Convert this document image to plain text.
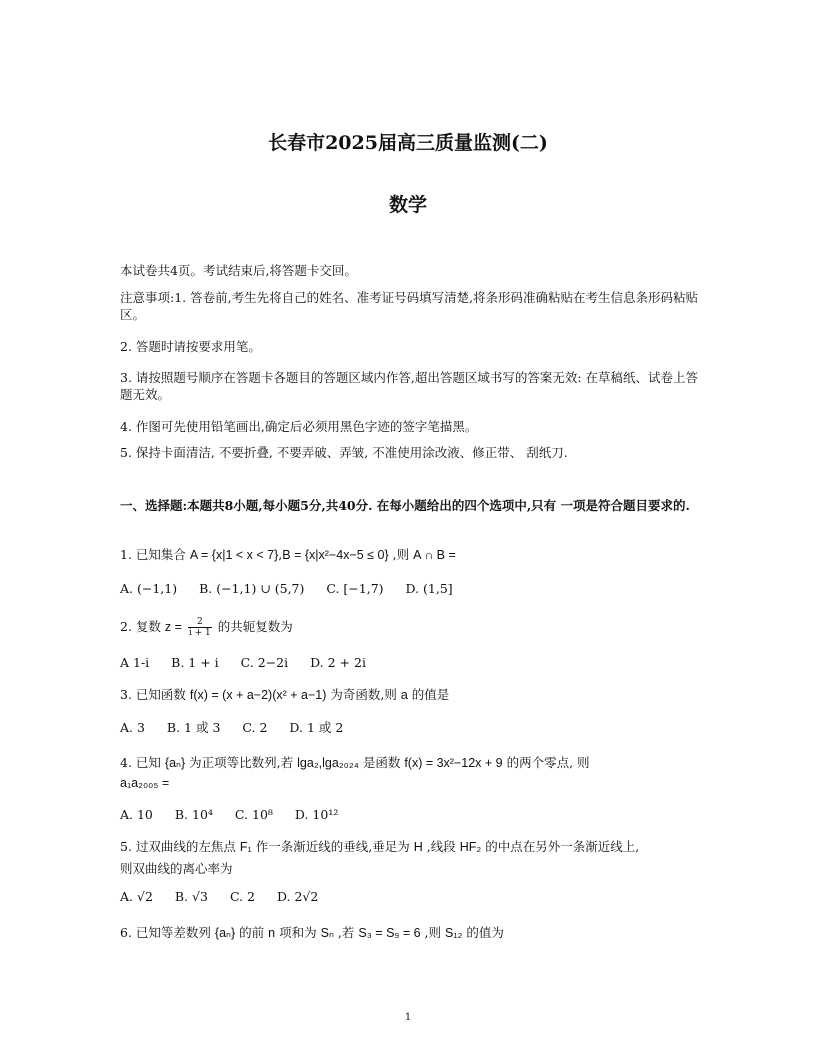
长春市2025届高三质量监测(二)
数学
本试卷共4页。考试结束后,将答题卡交回。
注意事项:1. 答卷前,考生先将自己的姓名、准考证号码填写清楚,将条形码准确粘贴在考生信息条形码粘贴区。
2. 答题时请按要求用笔。
3. 请按照题号顺序在答题卡各题目的答题区域内作答,超出答题区域书写的答案无效: 在草稿纸、试卷上答题无效。
4. 作图可先使用铅笔画出,确定后必须用黑色字迹的签字笔描黑。
5. 保持卡面清洁, 不要折叠, 不要弄破、弄皱, 不准使用涂改液、修正带、 刮纸刀.
一、选择题:本题共8小题,每小题5分,共40分. 在每小题给出的四个选项中,只有 一项是符合题目要求的.
1. 已知集合 A = {x|1 < x < 7},B = {x|x²−4x−5 ≤ 0} ,则 A ∩ B =
A. (−1,1) B. (−1,1) ∪ (5,7) C. [−1,7) D. (1,5]
2. 复数 $z = \frac{2}{i + 1}$ 的共轭复数为
A 1-i B. 1 + i C. 2−2i D. 2 + 2i
3. 已知函数 f(x) = (x + a−2)(x² + a−1) 为奇函数,则 a 的值是
A. 3 B. 1 或 3 C. 2 D. 1 或 2
4. 已知 {aₙ} 为正项等比数列,若 lga₂,lga₂₀₂₄ 是函数 f(x) = 3x²−12x + 9 的两个零点, 则
a₁a₂₀₀₅ =
A. 10 B. 10⁴ C. 10⁸ D. 10¹²
5. 过双曲线的左焦点 F₁ 作一条渐近线的垂线,垂足为 H ,线段 HF₂ 的中点在另外一条渐近线上,
则双曲线的离心率为
A. √2 B. √3 C. 2 D. 2√2
6. 已知等差数列 {aₙ} 的前 n 项和为 Sₙ ,若 S₃ = S₉ = 6 ,则 S₁₂ 的值为
1
